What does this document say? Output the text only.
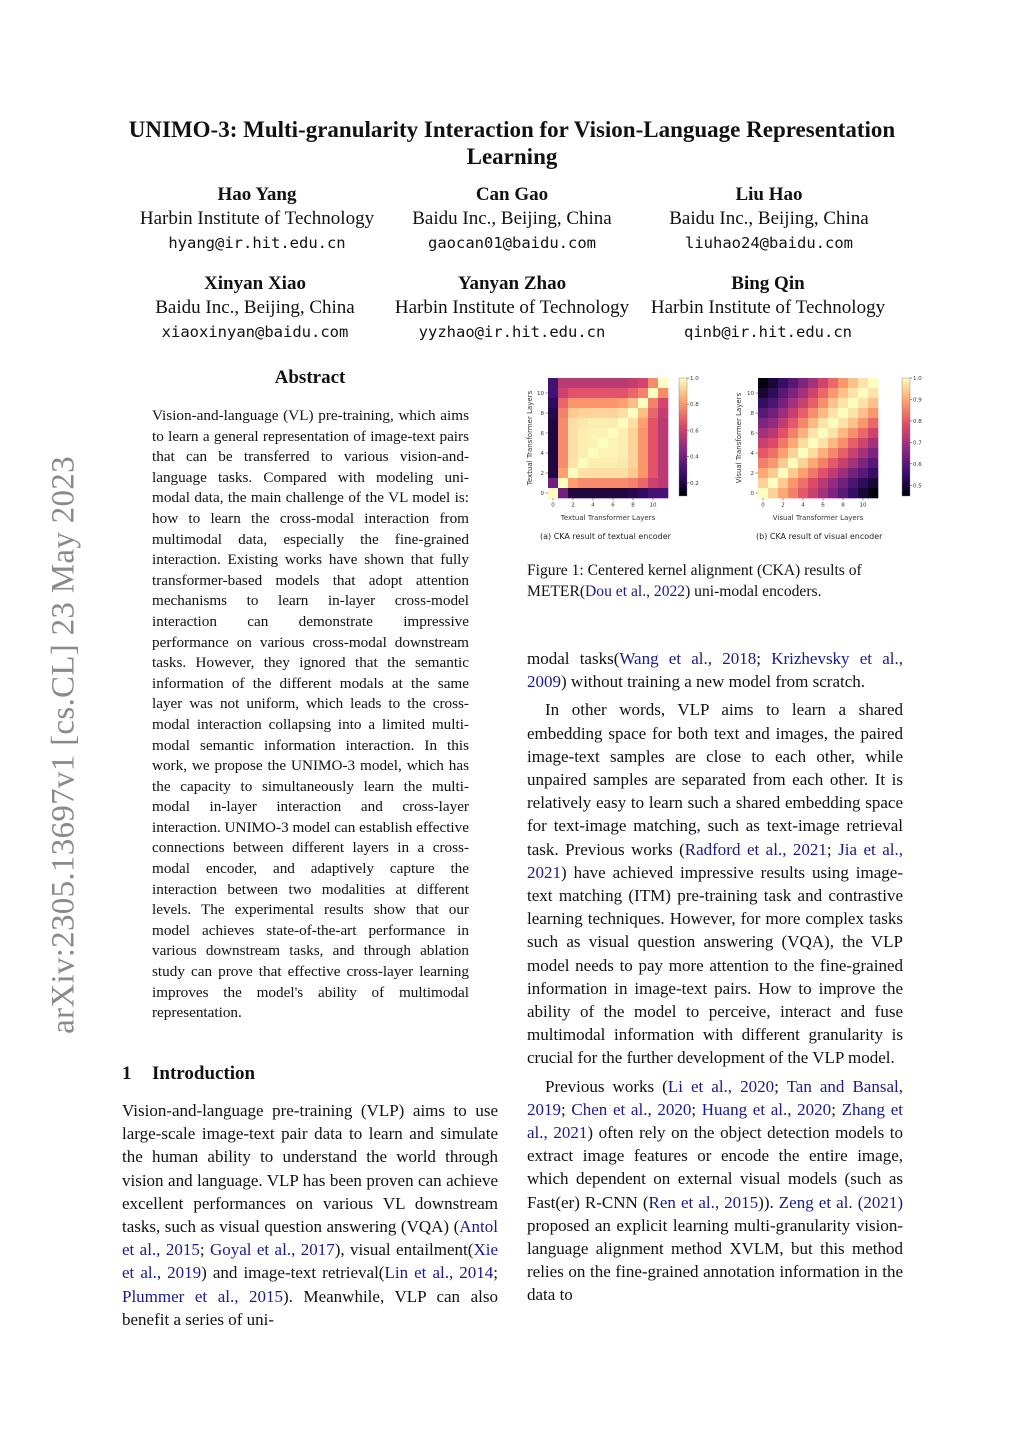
arXiv:2305.13697v1 [cs.CL] 23 May 2023
UNIMO-3: Multi-granularity Interaction for Vision-Language Representation Learning
Hao Yang
Harbin Institute of Technology
hyang@ir.hit.edu.cn
Can Gao
Baidu Inc., Beijing, China
gaocan01@baidu.com
Liu Hao
Baidu Inc., Beijing, China
liuhao24@baidu.com
Xinyan Xiao
Baidu Inc., Beijing, China
xiaoxinyan@baidu.com
Yanyan Zhao
Harbin Institute of Technology
yyzhao@ir.hit.edu.cn
Bing Qin
Harbin Institute of Technology
qinb@ir.hit.edu.cn
Abstract

Vision-and-language (VL) pre-training, which aims to learn a general representation of image-text pairs that can be transferred to various vision-and-language tasks. Compared with modeling uni-modal data, the main challenge of the VL model is: how to learn the cross-modal interaction from multimodal data, especially the fine-grained interaction. Existing works have shown that fully transformer-based models that adopt attention mechanisms to learn in-layer cross-model interaction can demonstrate impressive performance on various cross-modal downstream tasks. However, they ignored that the semantic information of the different modals at the same layer was not uniform, which leads to the cross-modal interaction collapsing into a limited multi-modal semantic information interaction. In this work, we propose the UNIMO-3 model, which has the capacity to simultaneously learn the multi-modal in-layer interaction and cross-layer interaction. UNIMO-3 model can establish effective connections between different layers in a cross-modal encoder, and adaptively capture the interaction between two modalities at different levels. The experimental results show that our model achieves state-of-the-art performance in various downstream tasks, and through ablation study can prove that effective cross-layer learning improves the model's ability of multimodal representation.

1 Introduction
Vision-and-language pre-training (VLP) aims to use large-scale image-text pair data to learn and simulate the human ability to understand the world through vision and language. VLP has been proven can achieve excellent performances on various VL downstream tasks, such as visual question answering (VQA) (Antol et al., 2015; Goyal et al., 2017), visual entailment(Xie et al., 2019) and image-text retrieval(Lin et al., 2014; Plummer et al., 2015). Meanwhile, VLP can also benefit a series of uni-
0.2
0.4
0.6
0.8
1.0
0	2	4	6	8	10
0
2
4
6
8
10
Textual Transformer Layers
Textual Transformer Layers
(a) CKA result of textual encoder
0.5
0.6
0.7
0.8
0.9
1.0
0	2	4	6	8	10
0
2
4
6
8
10
Visual Transformer Layers
Visual Transformer Layers
(b) CKA result of visual encoder
Figure 1: Centered kernel alignment (CKA) results of METER(Dou et al., 2022) uni-modal encoders.

modal tasks(Wang et al., 2018; Krizhevsky et al., 2009) without training a new model from scratch.

In other words, VLP aims to learn a shared embedding space for both text and images, the paired image-text samples are close to each other, while unpaired samples are separated from each other. It is relatively easy to learn such a shared embedding space for text-image matching, such as text-image retrieval task. Previous works (Radford et al., 2021; Jia et al., 2021) have achieved impressive results using image-text matching (ITM) pre-training task and contrastive learning techniques. However, for more complex tasks such as visual question answering (VQA), the VLP model needs to pay more attention to the fine-grained information in image-text pairs. How to improve the ability of the model to perceive, interact and fuse multimodal information with different granularity is crucial for the further development of the VLP model.

Previous works (Li et al., 2020; Tan and Bansal, 2019; Chen et al., 2020; Huang et al., 2020; Zhang et al., 2021) often rely on the object detection models to extract image features or encode the entire image, which dependent on external visual models (such as Fast(er) R-CNN (Ren et al., 2015)). Zeng et al. (2021) proposed an explicit learning multi-granularity vision-language alignment method XVLM, but this method relies on the fine-grained annotation information in the data to
